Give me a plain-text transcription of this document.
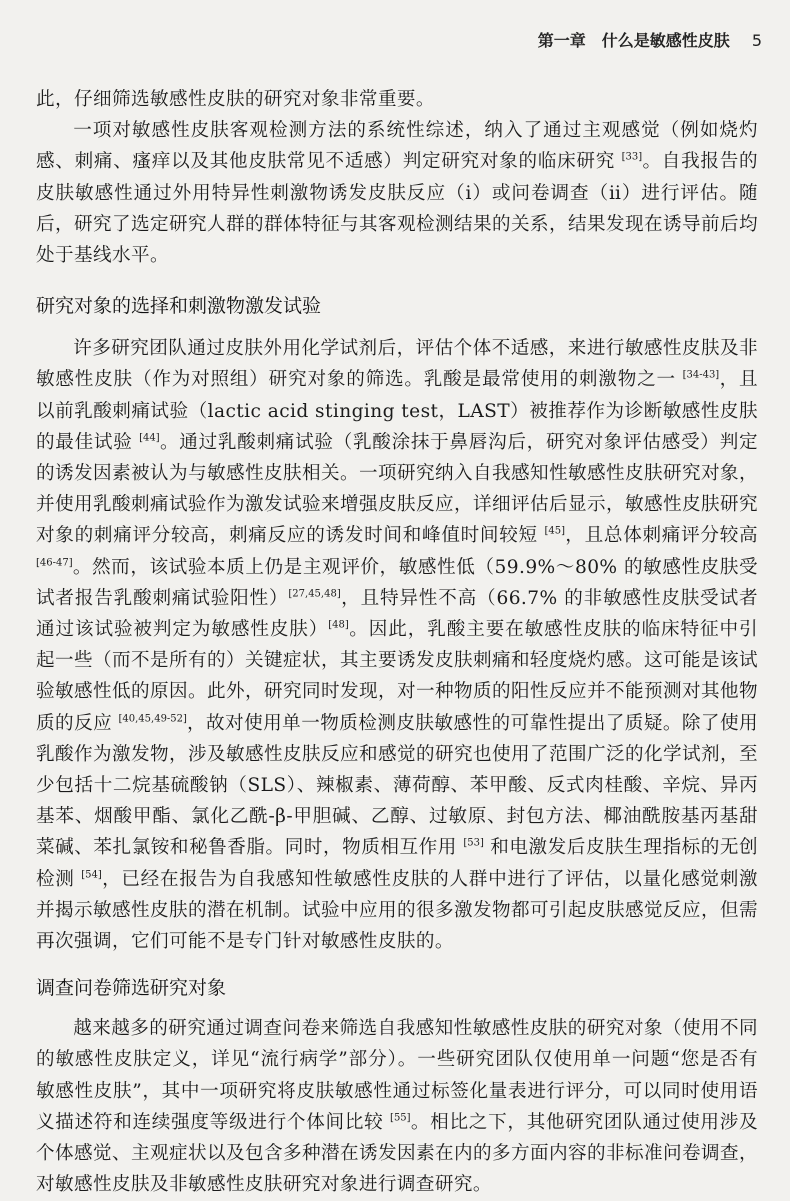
第一章　什么是敏感性皮肤 5

此，仔细筛选敏感性皮肤的研究对象非常重要。

一项对敏感性皮肤客观检测方法的系统性综述，纳入了通过主观感觉（例如烧灼感、刺痛、瘙痒以及其他皮肤常见不适感）判定研究对象的临床研究 [33]。自我报告的皮肤敏感性通过外用特异性刺激物诱发皮肤反应（ⅰ）或问卷调查（ⅱ）进行评估。随后，研究了选定研究人群的群体特征与其客观检测结果的关系，结果发现在诱导前后均处于基线水平。

研究对象的选择和刺激物激发试验

许多研究团队通过皮肤外用化学试剂后，评估个体不适感，来进行敏感性皮肤及非敏感性皮肤（作为对照组）研究对象的筛选。乳酸是最常使用的刺激物之一 [34-43]，且以前乳酸刺痛试验（lactic acid stinging test，LAST）被推荐作为诊断敏感性皮肤的最佳试验 [44]。通过乳酸刺痛试验（乳酸涂抹于鼻唇沟后，研究对象评估感受）判定的诱发因素被认为与敏感性皮肤相关。一项研究纳入自我感知性敏感性皮肤研究对象，并使用乳酸刺痛试验作为激发试验来增强皮肤反应，详细评估后显示，敏感性皮肤研究对象的刺痛评分较高，刺痛反应的诱发时间和峰值时间较短 [45]，且总体刺痛评分较高 [46-47]。然而，该试验本质上仍是主观评价，敏感性低（59.9%～80% 的敏感性皮肤受试者报告乳酸刺痛试验阳性）[27,45,48]，且特异性不高（66.7% 的非敏感性皮肤受试者通过该试验被判定为敏感性皮肤）[48]。因此，乳酸主要在敏感性皮肤的临床特征中引起一些（而不是所有的）关键症状，其主要诱发皮肤刺痛和轻度烧灼感。这可能是该试验敏感性低的原因。此外，研究同时发现，对一种物质的阳性反应并不能预测对其他物质的反应 [40,45,49-52]，故对使用单一物质检测皮肤敏感性的可靠性提出了质疑。除了使用乳酸作为激发物，涉及敏感性皮肤反应和感觉的研究也使用了范围广泛的化学试剂，至少包括十二烷基硫酸钠（SLS）、辣椒素、薄荷醇、苯甲酸、反式肉桂酸、辛烷、异丙基苯、烟酸甲酯、氯化乙酰-β-甲胆碱、乙醇、过敏原、封包方法、椰油酰胺基丙基甜菜碱、苯扎氯铵和秘鲁香脂。同时，物质相互作用 [53] 和电激发后皮肤生理指标的无创检测 [54]，已经在报告为自我感知性敏感性皮肤的人群中进行了评估，以量化感觉刺激并揭示敏感性皮肤的潜在机制。试验中应用的很多激发物都可引起皮肤感觉反应，但需再次强调，它们可能不是专门针对敏感性皮肤的。

调查问卷筛选研究对象

越来越多的研究通过调查问卷来筛选自我感知性敏感性皮肤的研究对象（使用不同的敏感性皮肤定义，详见“流行病学”部分）。一些研究团队仅使用单一问题“您是否有敏感性皮肤”，其中一项研究将皮肤敏感性通过标签化量表进行评分，可以同时使用语义描述符和连续强度等级进行个体间比较 [55]。相比之下，其他研究团队通过使用涉及个体感觉、主观症状以及包含多种潜在诱发因素在内的多方面内容的非标准问卷调查，对敏感性皮肤及非敏感性皮肤研究对象进行调查研究。
